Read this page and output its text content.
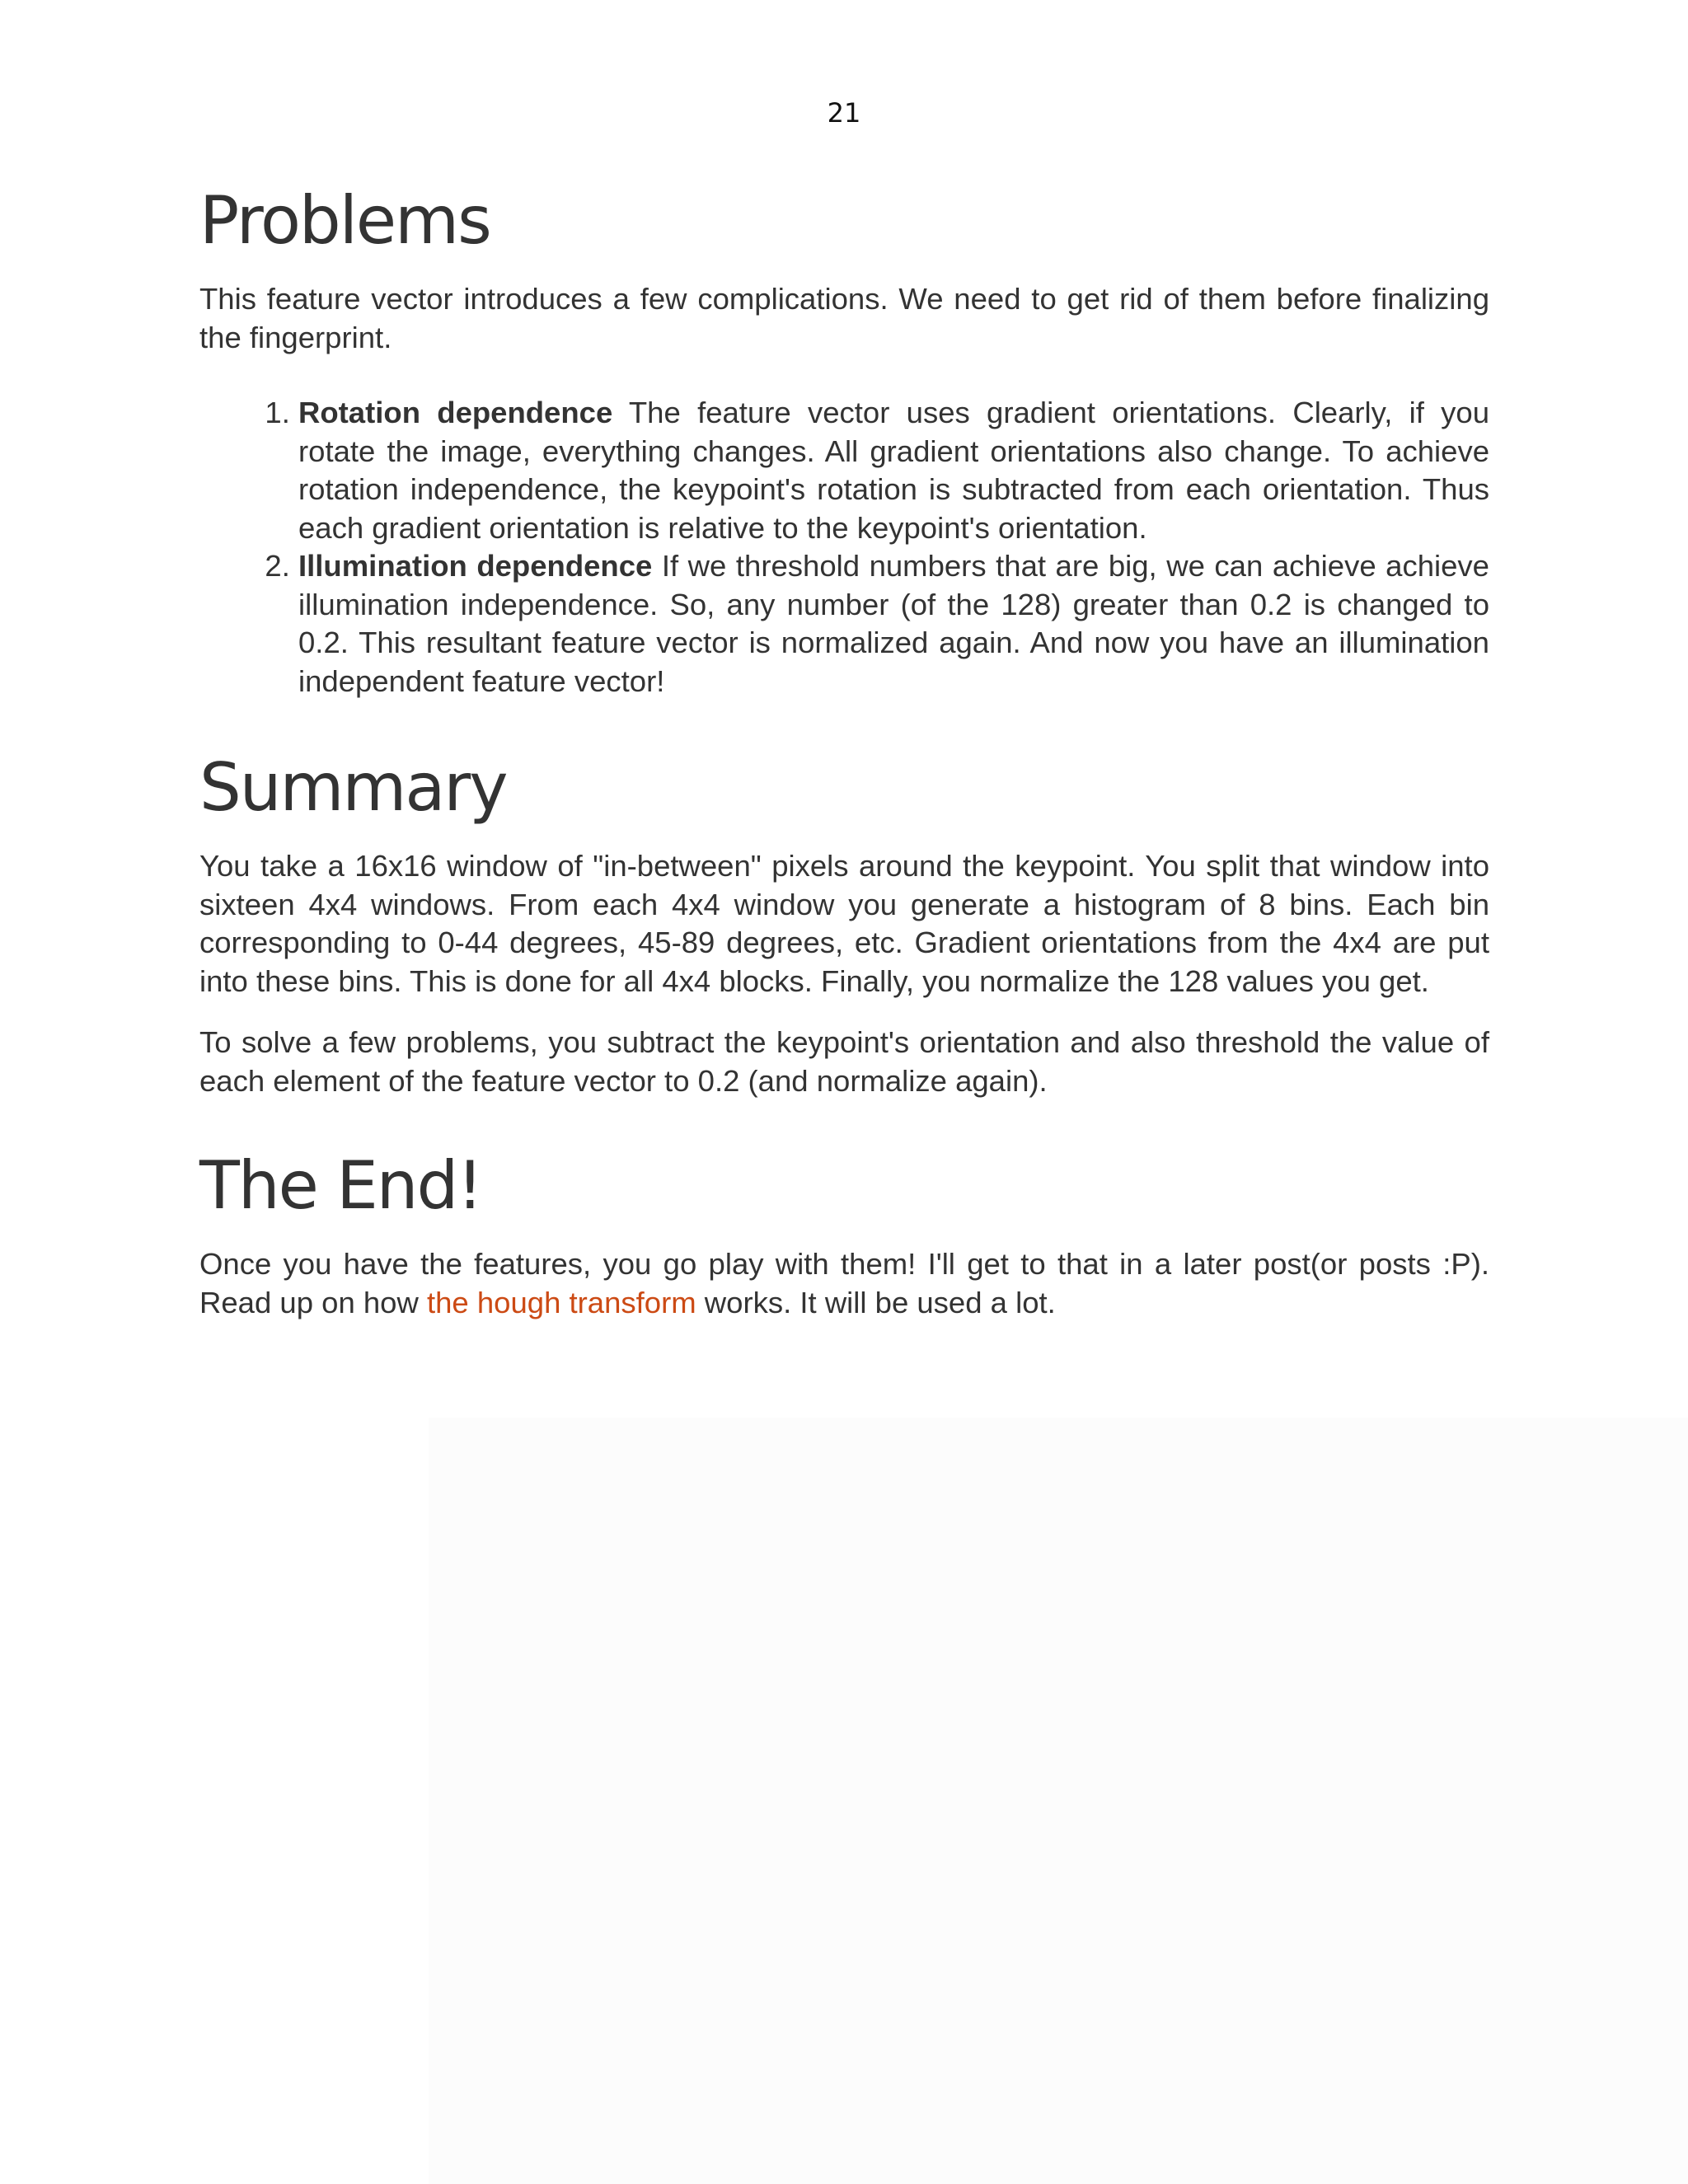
21
Problems

This feature vector introduces a few complications. We need to get rid of them before finalizing the fingerprint.

1. Rotation dependence The feature vector uses gradient orientations. Clearly, if you rotate the image, everything changes. All gradient orientations also change. To achieve rotation independence, the keypoint's rotation is subtracted from each orientation. Thus each gradient orientation is relative to the keypoint's orientation.
2. Illumination dependence If we threshold numbers that are big, we can achieve achieve illumination independence. So, any number (of the 128) greater than 0.2 is changed to 0.2. This resultant feature vector is normalized again. And now you have an illumination independent feature vector!
Summary

You take a 16x16 window of "in-between" pixels around the keypoint. You split that window into sixteen 4x4 windows. From each 4x4 window you generate a histogram of 8 bins. Each bin corresponding to 0-44 degrees, 45-89 degrees, etc. Gradient orientations from the 4x4 are put into these bins. This is done for all 4x4 blocks. Finally, you normalize the 128 values you get.

To solve a few problems, you subtract the keypoint's orientation and also threshold the value of each element of the feature vector to 0.2 (and normalize again).

The End!

Once you have the features, you go play with them! I'll get to that in a later post(or posts :P). Read up on how the hough transform works. It will be used a lot.
